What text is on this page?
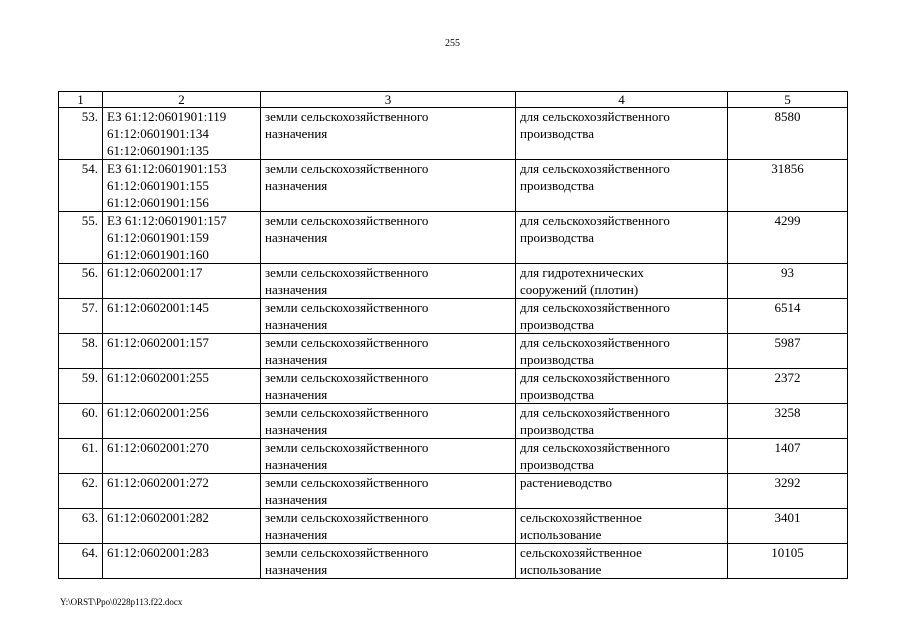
255
1	2	3	4	5
53.	ЕЗ 61:12:0601901:119
61:12:0601901:134
61:12:0601901:135	земли сельскохозяйственного
назначения	для сельскохозяйственного
производства	8580
54.	ЕЗ 61:12:0601901:153
61:12:0601901:155
61:12:0601901:156	земли сельскохозяйственного
назначения	для сельскохозяйственного
производства	31856
55.	ЕЗ 61:12:0601901:157
61:12:0601901:159
61:12:0601901:160	земли сельскохозяйственного
назначения	для сельскохозяйственного
производства	4299
56.	61:12:0602001:17	земли сельскохозяйственного
назначения	для гидротехнических
сооружений (плотин)	93
57.	61:12:0602001:145	земли сельскохозяйственного
назначения	для сельскохозяйственного
производства	6514
58.	61:12:0602001:157	земли сельскохозяйственного
назначения	для сельскохозяйственного
производства	5987
59.	61:12:0602001:255	земли сельскохозяйственного
назначения	для сельскохозяйственного
производства	2372
60.	61:12:0602001:256	земли сельскохозяйственного
назначения	для сельскохозяйственного
производства	3258
61.	61:12:0602001:270	земли сельскохозяйственного
назначения	для сельскохозяйственного
производства	1407
62.	61:12:0602001:272	земли сельскохозяйственного
назначения	растениеводство	3292
63.	61:12:0602001:282	земли сельскохозяйственного
назначения	сельскохозяйственное
использование	3401
64.	61:12:0602001:283	земли сельскохозяйственного
назначения	сельскохозяйственное
использование	10105
Y:\ORST\Ppo\0228p113.f22.docx
